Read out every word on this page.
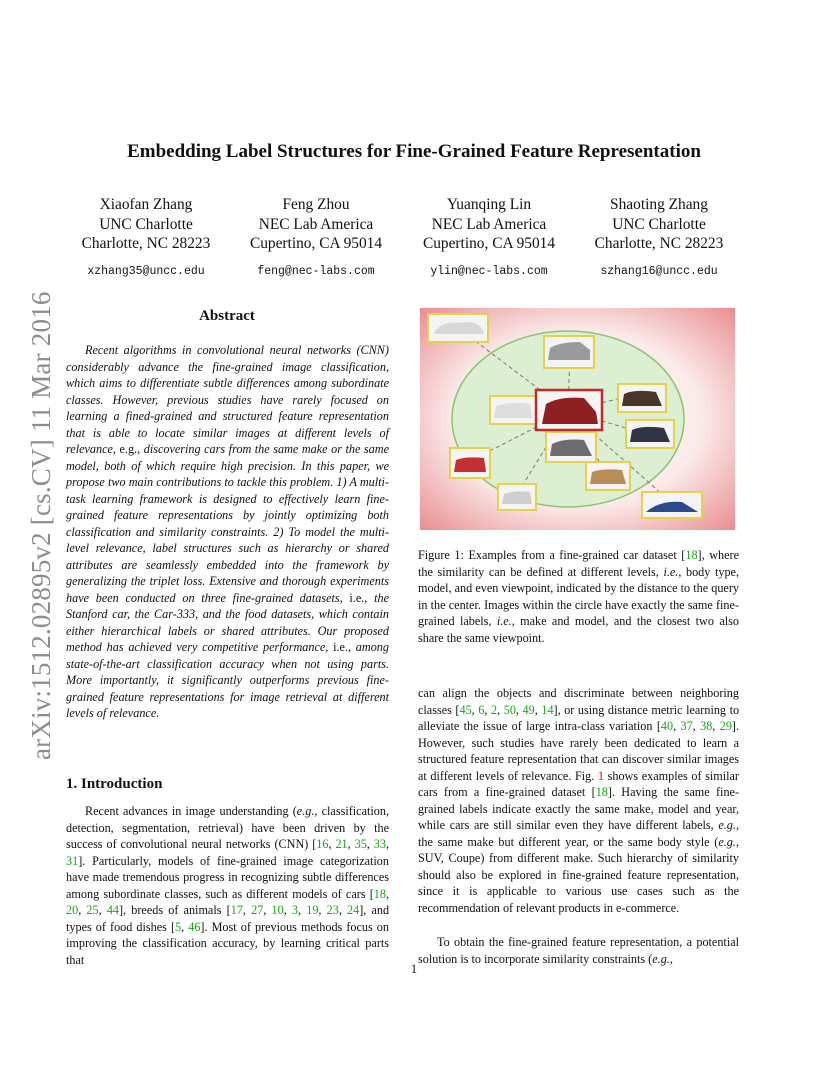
arXiv:1512.02895v2 [cs.CV] 11 Mar 2016
Embedding Label Structures for Fine-Grained Feature Representation
Xiaofan Zhang
UNC Charlotte
Charlotte, NC 28223
xzhang35@uncc.edu
Feng Zhou
NEC Lab America
Cupertino, CA 95014
feng@nec-labs.com
Yuanqing Lin
NEC Lab America
Cupertino, CA 95014
ylin@nec-labs.com
Shaoting Zhang
UNC Charlotte
Charlotte, NC 28223
szhang16@uncc.edu
Abstract
Recent algorithms in convolutional neural networks (CNN) considerably advance the fine-grained image classification, which aims to differentiate subtle differences among subordinate classes. However, previous studies have rarely focused on learning a fined-grained and structured feature representation that is able to locate similar images at different levels of relevance, e.g., discovering cars from the same make or the same model, both of which require high precision. In this paper, we propose two main contributions to tackle this problem. 1) A multi-task learning framework is designed to effectively learn fine-grained feature representations by jointly optimizing both classification and similarity constraints. 2) To model the multi-level relevance, label structures such as hierarchy or shared attributes are seamlessly embedded into the framework by generalizing the triplet loss. Extensive and thorough experiments have been conducted on three fine-grained datasets, i.e., the Stanford car, the Car-333, and the food datasets, which contain either hierarchical labels or shared attributes. Our proposed method has achieved very competitive performance, i.e., among state-of-the-art classification accuracy when not using parts. More importantly, it significantly outperforms previous fine-grained feature representations for image retrieval at different levels of relevance.
1. Introduction
Recent advances in image understanding (e.g., classification, detection, segmentation, retrieval) have been driven by the success of convolutional neural networks (CNN) [16, 21, 35, 33, 31]. Particularly, models of fine-grained image categorization have made tremendous progress in recognizing subtle differences among subordinate classes, such as different models of cars [18, 20, 25, 44], breeds of animals [17, 27, 10, 3, 19, 23, 24], and types of food dishes [5, 46]. Most of previous methods focus on improving the classification accuracy, by learning critical parts that
Figure 1: Examples from a fine-grained car dataset [18], where the similarity can be defined at different levels, i.e., body type, model, and even viewpoint, indicated by the distance to the query in the center. Images within the circle have exactly the same fine-grained labels, i.e., make and model, and the closest two also share the same viewpoint.
can align the objects and discriminate between neighboring classes [45, 6, 2, 50, 49, 14], or using distance metric learning to alleviate the issue of large intra-class variation [40, 37, 38, 29]. However, such studies have rarely been dedicated to learn a structured feature representation that can discover similar images at different levels of relevance. Fig. 1 shows examples of similar cars from a fine-grained dataset [18]. Having the same fine-grained labels indicate exactly the same make, model and year, while cars are still similar even they have different labels, e.g., the same make but different year, or the same body style (e.g., SUV, Coupe) from different make. Such hierarchy of similarity should also be explored in fine-grained feature representation, since it is applicable to various use cases such as the recommendation of relevant products in e-commerce.
To obtain the fine-grained feature representation, a potential solution is to incorporate similarity constraints (e.g.,
1
